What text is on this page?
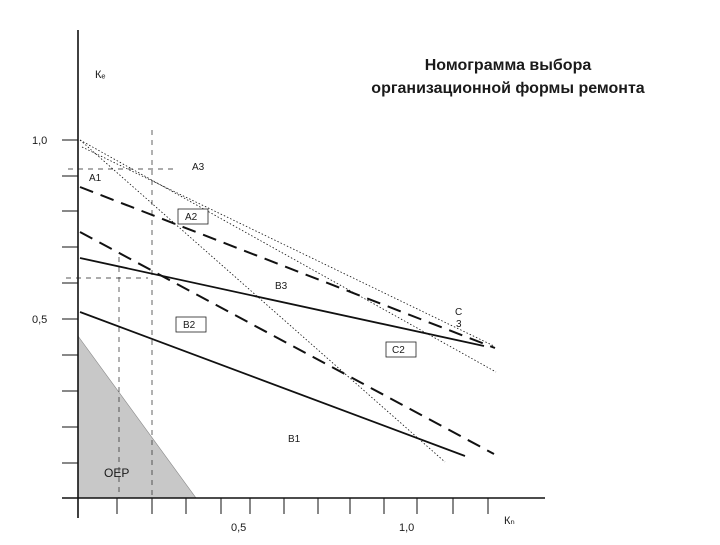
Номограмма выбора
организационной формы ремонта
Кₑ
Кₙ
1,0
0,5
0,5	1,0
А1
А3
А2
В3
В2
С
3
С2
В1
ОЕР
